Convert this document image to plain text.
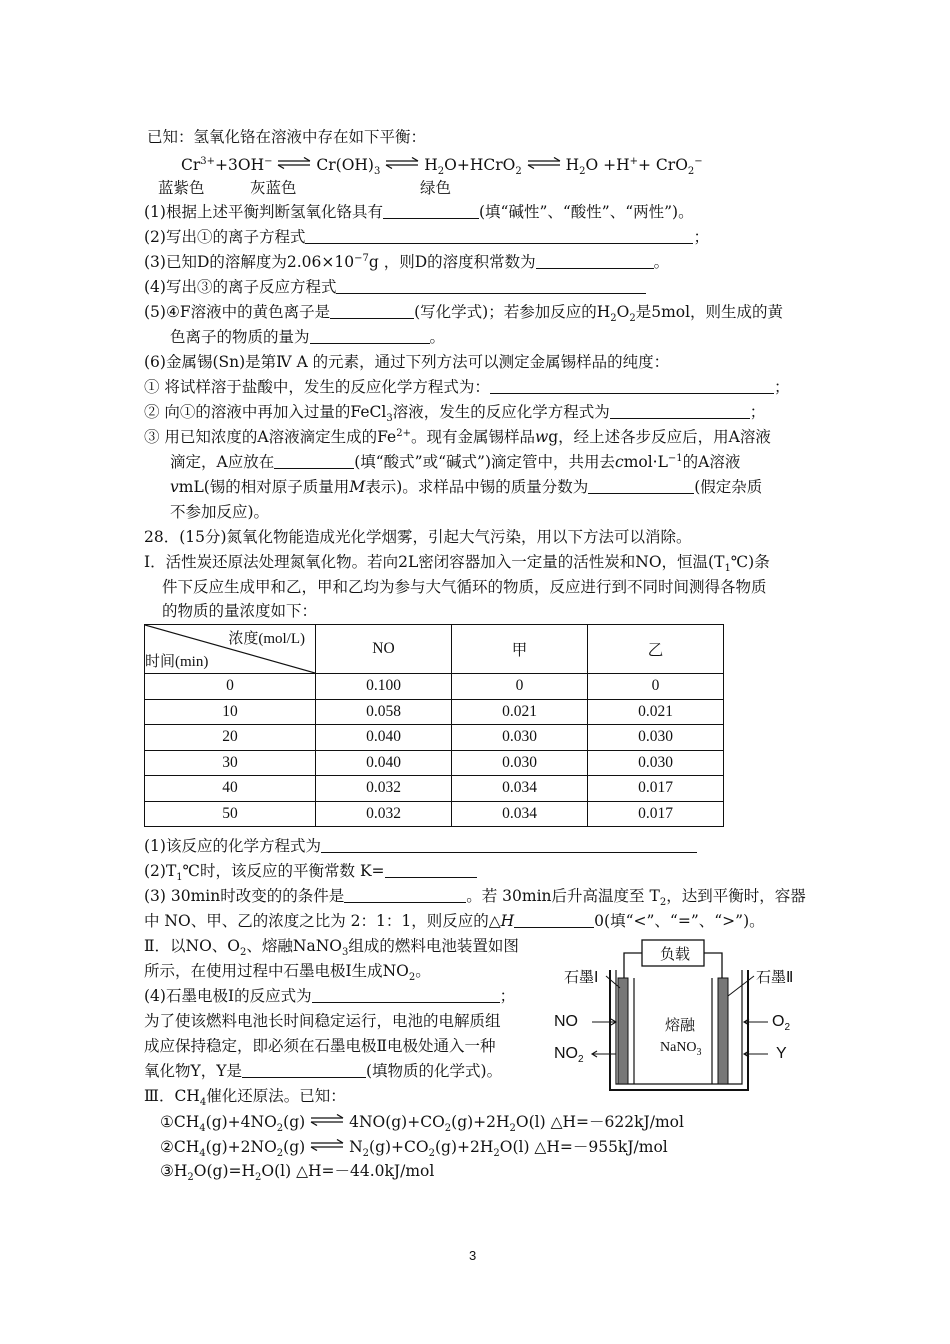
已知：氢氧化铬在溶液中存在如下平衡：
$Cr^{3+}+3OH^-$ ⇌ $Cr(OH)_3$ ⇌ $H_2O+HCrO_2$ ⇌ $H_2O +H^++ CrO_2^-$
蓝紫色	灰蓝色	绿色
(1)根据上述平衡判断氢氧化铬具有	(填“碱性”、“酸性”、“两性”)。
(2)写出①的离子方程式	；
(3)已知D的溶解度为$2.06\times 10^{-7}g$ ，则D的溶度积常数为	。
(4)写出③的离子反应方程式
(5)④F溶液中的黄色离子是	(写化学式)；若参加反应的$H_2O_2$是5mol，则生成的黄
色离子的物质的量为	。
(6)金属锡(Sn)是第Ⅳ A 的元素，通过下列方法可以测定金属锡样品的纯度：
① 将试样溶于盐酸中，发生的反应化学方程式为：	；
② 向①的溶液中再加入过量的FeCl$_3$溶液，发生的反应化学方程式为	；
③ 用已知浓度的A溶液滴定生成的$Fe^{2+}$。现有金属锡样品wg，经上述各步反应后，用A溶液
滴定，A应放在	(填“酸式”或“碱式”)滴定管中，共用去$cmol\cdot L^{-1}$的A溶液
vmL(锡的相对原子质量用M表示)。求样品中锡的质量分数为	(假定杂质
不参加反应)。
28．(15分)氮氧化物能造成光化学烟雾，引起大气污染，用以下方法可以消除。
I．活性炭还原法处理氮氧化物。若向2L密闭容器加入一定量的活性炭和NO，恒温$(T_1℃)$条
件下反应生成甲和乙，甲和乙均为参与大气循环的物质，反应进行到不同时间测得各物质
的物质的量浓度如下：
浓度(mol/L)
时间(min)	NO	甲	乙
0	0.100	0	0
10	0.058	0.021	0.021
20	0.040	0.030	0.030
30	0.040	0.030	0.030
40	0.032	0.034	0.017
50	0.032	0.034	0.017
(1)该反应的化学方程式为
$(2)T_1℃$时，该反应的平衡常数 K=
(3) 30min时改变的的条件是	。若 30min后升高温度至 $T_2$，达到平衡时，容器
中 NO、甲、乙的浓度之比为 2：1：1，则反应的△H	0(填“<”、“=”、“>”)。
Ⅱ．以NO、$O_2$、熔融NaNO$_3$组成的燃料电池装置如图
所示，在使用过程中石墨电极Ⅰ生成$NO_2$。
(4)石墨电极Ⅰ的反应式为	；
为了使该燃料电池长时间稳定运行，电池的电解质组
成应保持稳定，即必须在石墨电极Ⅱ电极处通入一种
氧化物Y，Y是	(填物质的化学式)。
负载
石墨Ⅰ	石墨Ⅱ
熔融
NaNO$_3$
NO
$NO_2$
$O_2$
Y
Ⅲ．$CH_4$催化还原法。已知：
$①CH_4(g)+4NO_2(g)$ ⇌ $4NO(g)+CO_2(g)+2H_2O(l)$ △H=－622kJ/mol
$②CH_4(g)+2NO_2(g)$ ⇌ $N_2(g)+CO_2(g)+2H_2O(l)$ △H=－955kJ/mol
$③H_2O(g)=H_2O(l)$ △H=－44.0kJ/mol
3
